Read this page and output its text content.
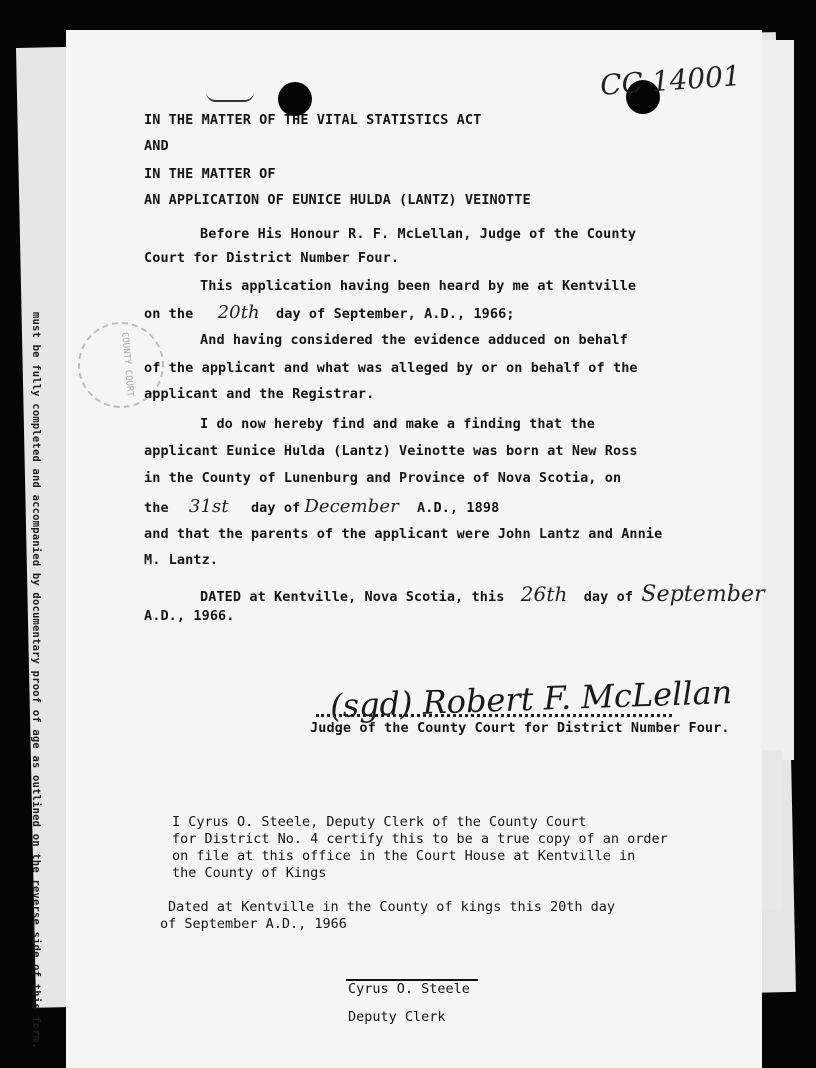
CC 14001
must be fully completed and accompanied by documentary proof of age as outlined on the reverse side of this form.	COUNTY COURT
IN THE MATTER OF THE VITAL STATISTICS ACT
AND
IN THE MATTER OF
AN APPLICATION OF EUNICE HULDA (LANTZ) VEINOTTE
Before His Honour R. F. McLellan, Judge of the County
Court for District Number Four.
This application having been heard by me at Kentville
on the 20th day of September, A.D., 1966;
And having considered the evidence adduced on behalf
of the applicant and what was alleged by or on behalf of the
applicant and the Registrar.
I do now hereby find and make a finding that the
applicant Eunice Hulda (Lantz) Veinotte was born at New Ross
in the County of Lunenburg and Province of Nova Scotia, on
the 31st day of December A.D., 1898
and that the parents of the applicant were John Lantz and Annie
M. Lantz.
DATED at Kentville, Nova Scotia, this 26th day of September
A.D., 1966.
(sgd) Robert F. McLellan
Judge of the County Court for District Number Four.
I Cyrus O. Steele, Deputy Clerk of the County Court
for District No. 4 certify this to be a true copy of an order
on file at this office in the Court House at Kentville in
the County of Kings
Dated at Kentville in the County of kings this 20th day
of September A.D., 1966
Cyrus O. Steele
Deputy Clerk
